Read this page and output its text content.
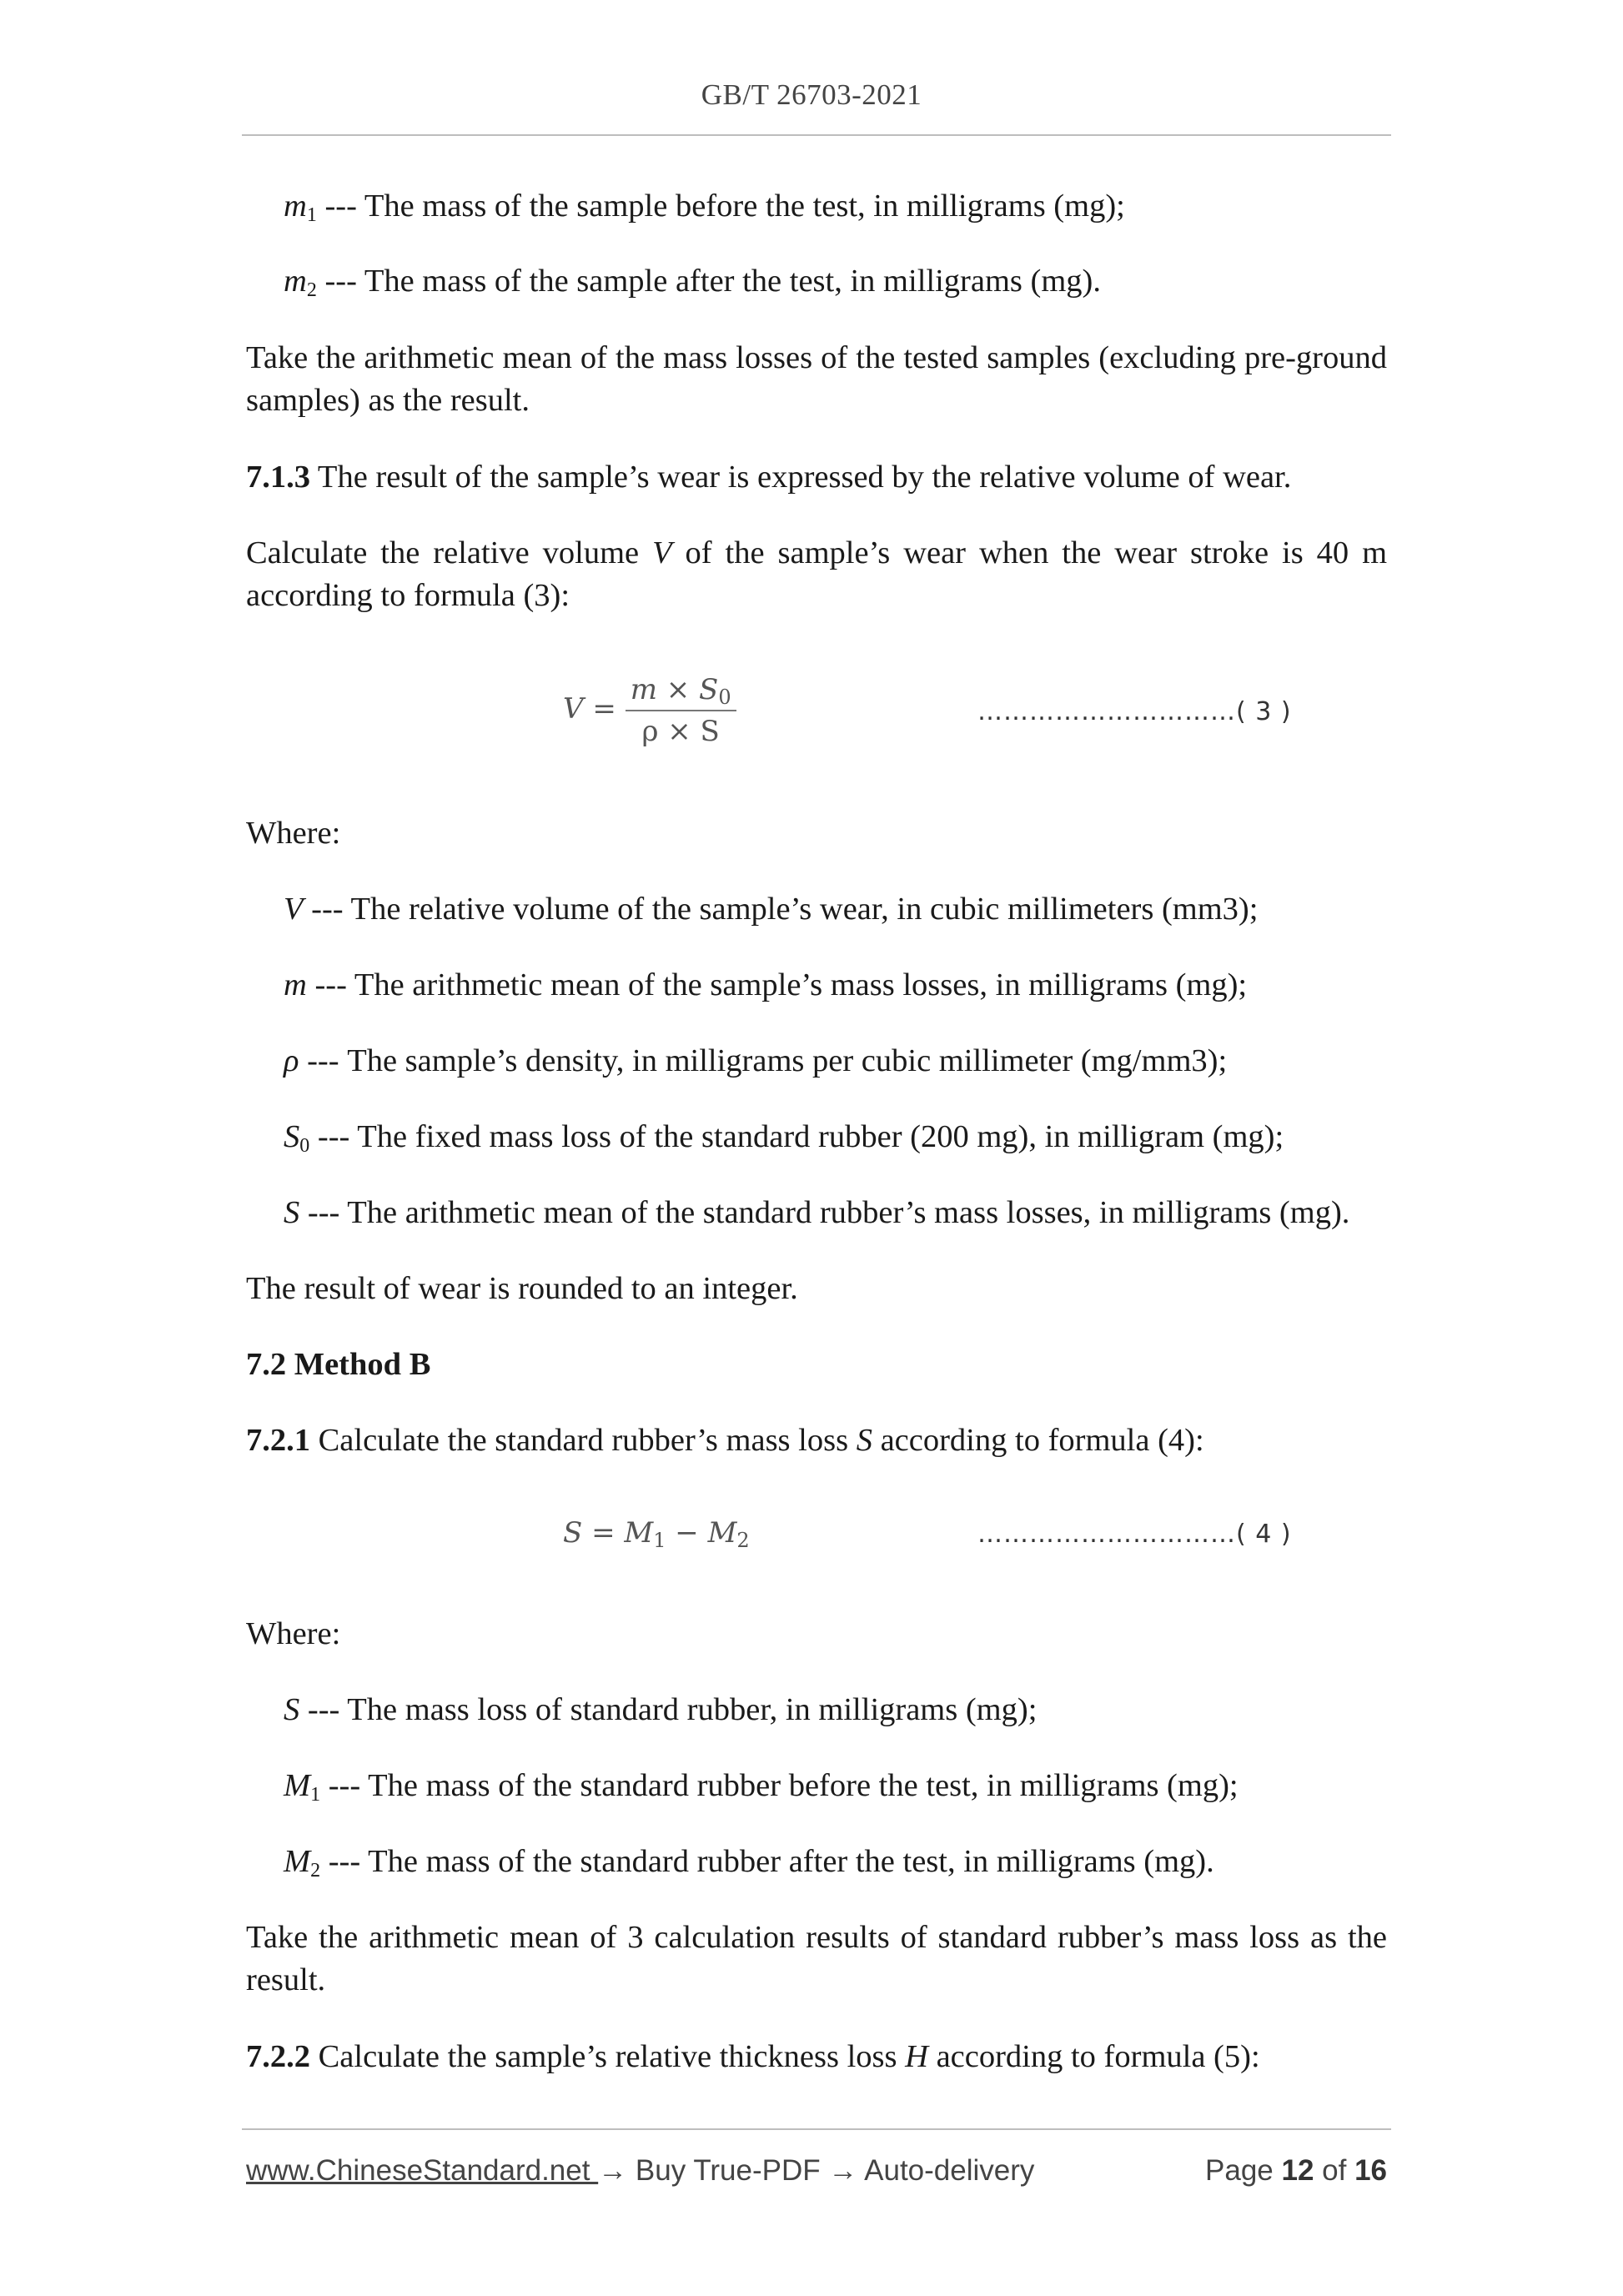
GB/T 26703-2021
$m_1$ --- The mass of the sample before the test, in milligrams (mg);
$m_2$ --- The mass of the sample after the test, in milligrams (mg).
Take the arithmetic mean of the mass losses of the tested samples (excluding pre-ground samples) as the result.
7.1.3 The result of the sample’s wear is expressed by the relative volume of wear.
Calculate the relative volume V of the sample’s wear when the wear stroke is 40 m according to formula (3):
$V = \frac{m \times S_0}{\rho \times S}$	…………………………( 3 )
Where:
V --- The relative volume of the sample’s wear, in cubic millimeters (mm3);
m --- The arithmetic mean of the sample’s mass losses, in milligrams (mg);
ρ --- The sample’s density, in milligrams per cubic millimeter (mg/mm3);
$S_0$ --- The fixed mass loss of the standard rubber (200 mg), in milligram (mg);
S --- The arithmetic mean of the standard rubber’s mass losses, in milligrams (mg).
The result of wear is rounded to an integer.
7.2 Method B
7.2.1 Calculate the standard rubber’s mass loss S according to formula (4):
$S = M_1 - M_2$	…………………………( 4 )
Where:
S --- The mass loss of standard rubber, in milligrams (mg);
$M_1$ --- The mass of the standard rubber before the test, in milligrams (mg);
$M_2$ --- The mass of the standard rubber after the test, in milligrams (mg).
Take the arithmetic mean of 3 calculation results of standard rubber’s mass loss as the result.
7.2.2 Calculate the sample’s relative thickness loss H according to formula (5):
www.ChineseStandard.net → Buy True-PDF → Auto-delivery	Page 12 of 16
